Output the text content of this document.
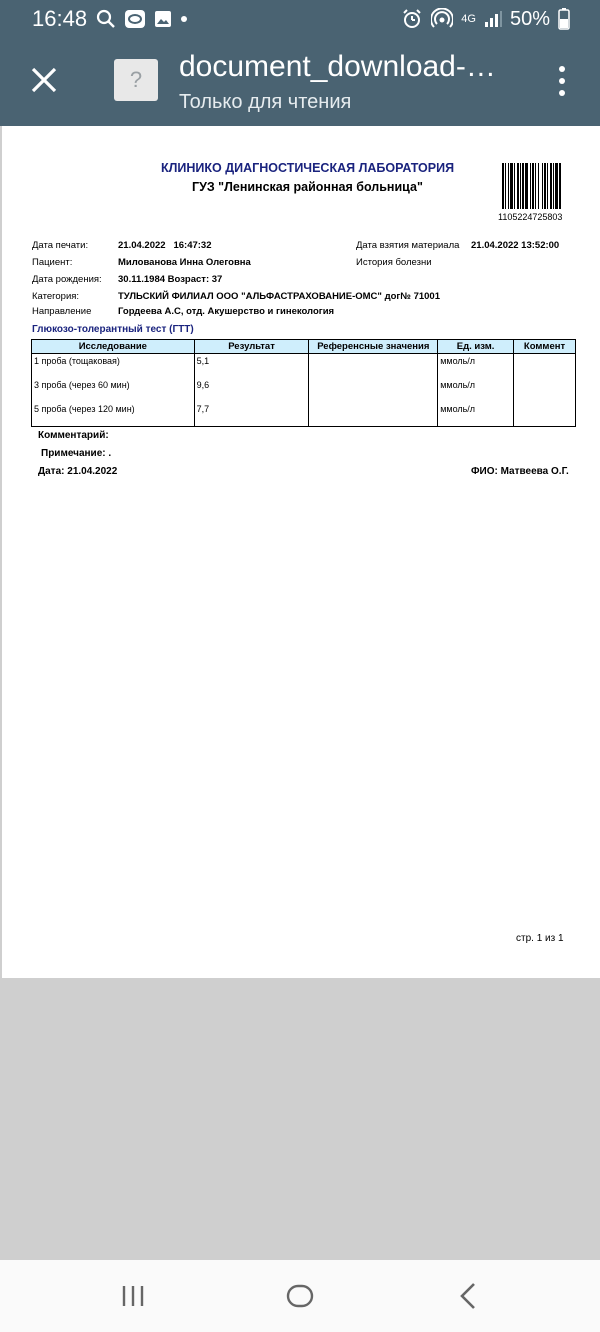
16:48	4G 50%
?	document_download-…
Только для чтения
КЛИНИКО ДИАГНОСТИЧЕСКАЯ ЛАБОРАТОРИЯ
ГУЗ "Ленинская районная больница"
1105224725803
Дата печати:	21.04.2022   16:47:32	Дата взятия материала 21.04.2022 13:52:00
Пациент:	Милованова Инна Олеговна	История болезни
Дата рождения: 30.11.1984 Возраст: 37
Категория:	ТУЛЬСКИЙ ФИЛИАЛ ООО "АЛЬФАСТРАХОВАНИЕ-ОМС" дог№ 71001
Направление	Гордеева А.С, отд. Акушерство и гинекология
Глюкозо-толерантный тест (ГТТ)
Исследование	Результат	Референсные значения	Ед. изм.	Коммент
1 проба (тощаковая)	5,1		ммоль/л	
3 проба (через 60 мин)	9,6		ммоль/л	
5 проба (через 120 мин)	7,7		ммоль/л	
Комментарий:
Примечание: .
Дата: 21.04.2022	ФИО: Матвеева О.Г.
стр. 1 из 1
